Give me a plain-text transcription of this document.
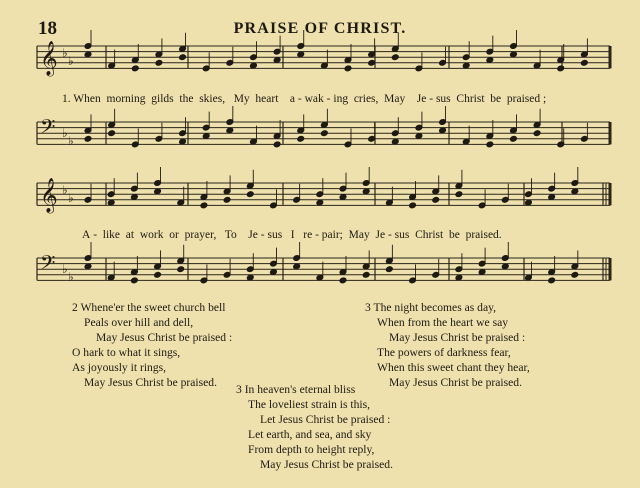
18	PRAISE OF CHRIST.
𝄞 ♭
♭
𝄢 ♭
♭
𝄞 ♭
♭
𝄢 ♭
♭
1. When morning gilds the skies, My heart a - wak - ing cries, May Je - sus Christ be praised ;
A - like at work or prayer, To Je - sus I re - pair; May Je - sus Christ be praised.
2 Whene'er the sweet church bell
Peals over hill and dell,
May Jesus Christ be praised :
O hark to what it sings,
As joyously it rings,
May Jesus Christ be praised.
3 The night becomes as day,
When from the heart we say
May Jesus Christ be praised :
The powers of darkness fear,
When this sweet chant they hear,
May Jesus Christ be praised.
3 In heaven's eternal bliss
The loveliest strain is this,
Let Jesus Christ be praised :
Let earth, and sea, and sky
From depth to height reply,
May Jesus Christ be praised.
